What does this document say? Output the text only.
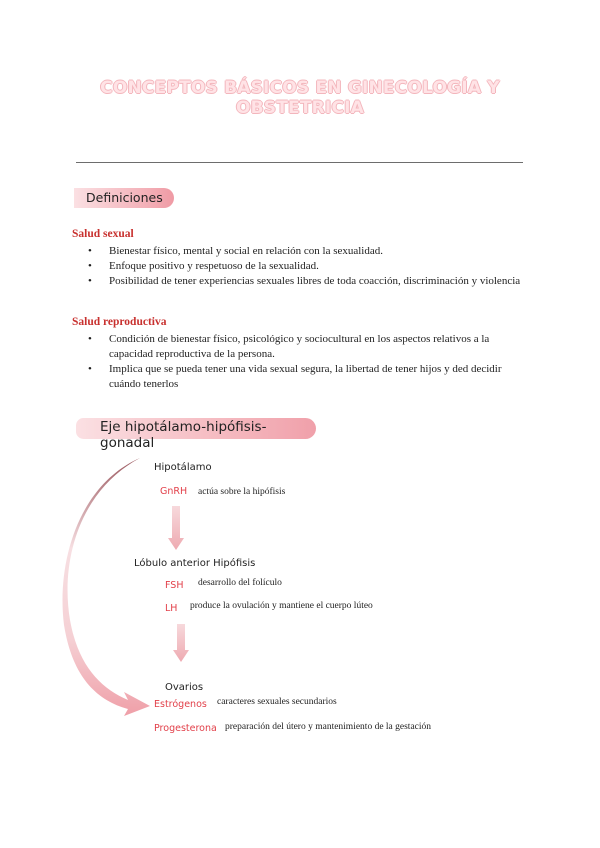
CONCEPTOS BÁSICOS EN GINECOLOGÍA Y
OBSTETRICIA
Definiciones
Salud sexual
• Bienestar físico, mental y social en relación con la sexualidad.
• Enfoque positivo y respetuoso de la sexualidad.
• Posibilidad de tener experiencias sexuales libres de toda coacción, discriminación y violencia
Salud reproductiva
• Condición de bienestar físico, psicológico y sociocultural en los aspectos relativos a la capacidad reproductiva de la persona.
• Implica que se pueda tener una vida sexual segura, la libertad de tener hijos y ded decidir cuándo tenerlos
Eje hipotálamo-hipófisis-gonadal
Hipotálamo
GnRH actúa sobre la hipófisis
Lóbulo anterior Hipófisis
FSH desarrollo del folículo
LH produce la ovulación y mantiene el cuerpo lúteo
Ovarios
Estrógenos caracteres sexuales secundarios
Progesterona preparación del útero y mantenimiento de la gestación
